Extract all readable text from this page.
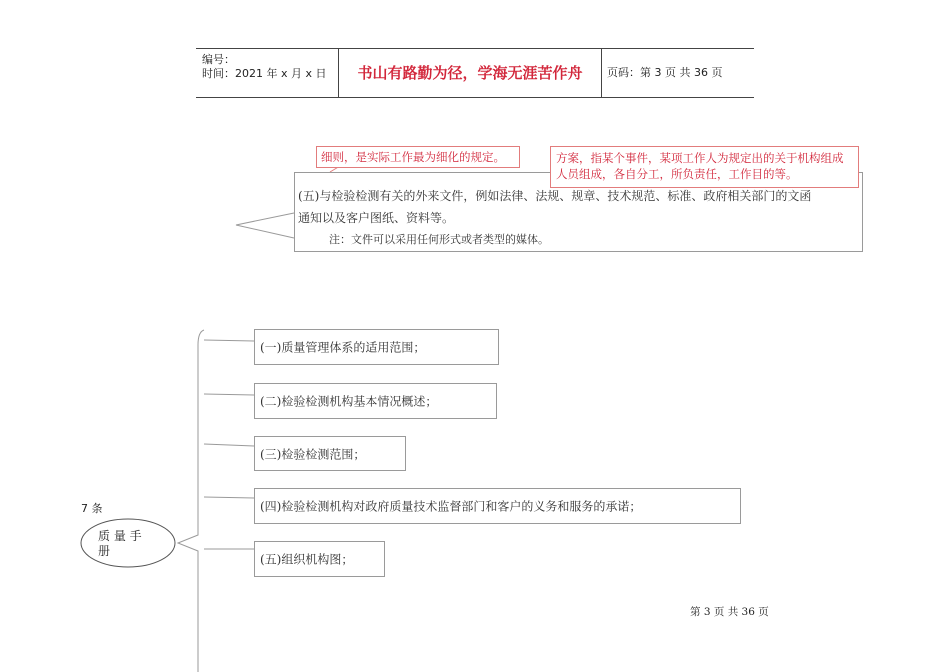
编号：
时间：2021 年 x 月 x 日	书山有路勤为径，学海无涯苦作舟	页码：第 3 页 共 36 页
(五)与检验检测有关的外来文件，例如法律、法规、规章、技术规范、标准、政府相关部门的文函
通知以及客户图纸、资料等。
注：文件可以采用任何形式或者类型的媒体。
细则，是实际工作最为细化的规定。	方案，指某个事件，某项工作人为规定出的关于机构组成
人员组成，各自分工，所负责任，工作目的等。
7 条
质 量 手
册
(一)质量管理体系的适用范围；
(二)检验检测机构基本情况概述；
(三)检验检测范围；
(四)检验检测机构对政府质量技术监督部门和客户的义务和服务的承诺；
(五)组织机构图；
第 3 页 共 36 页
